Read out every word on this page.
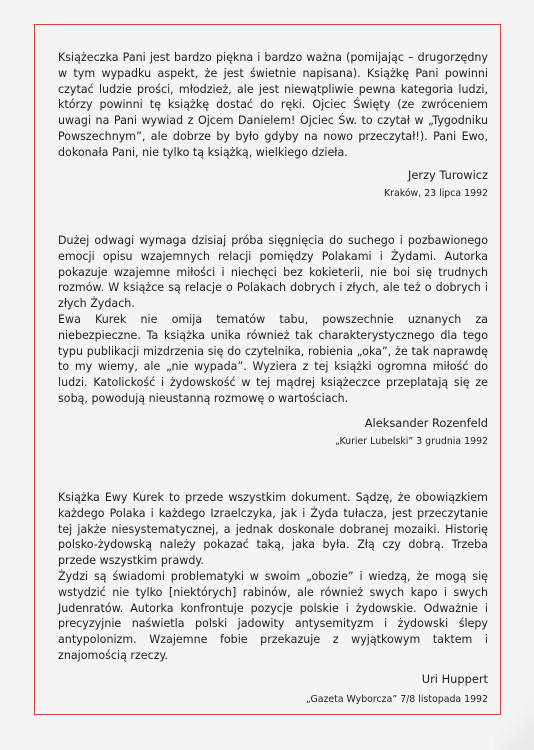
Książeczka Pani jest bardzo piękna i bardzo ważna (pomijając – drugorzędny w tym wypadku aspekt, że jest świetnie napisana). Książkę Pani powinni czytać ludzie prości, młodzież, ale jest niewątpliwie pewna kategoria ludzi, którzy powinni tę książkę dostać do ręki. Ojciec Święty (ze zwróceniem uwagi na Pani wywiad z Ojcem Danielem! Ojciec Św. to czytał w „Tygodniku Powszechnym”, ale dobrze by było gdyby na nowo przeczytał!). Pani Ewo, dokonała Pani, nie tylko tą książką, wielkiego dzieła.

Jerzy Turowicz

Kraków, 23 lipca 1992

Dużej odwagi wymaga dzisiaj próba sięgnięcia do suchego i pozbawionego emocji opisu wzajemnych relacji pomiędzy Polakami i Żydami. Autorka pokazuje wzajemne miłości i niechęci bez kokieterii, nie boi się trudnych rozmów. W książce są relacje o Polakach dobrych i złych, ale też o dobrych i złych Żydach.

Ewa Kurek nie omija tematów tabu, powszechnie uznanych za niebezpieczne. Ta książka unika również tak charakterystycznego dla tego typu publikacji mizdrzenia się do czytelnika, robienia „oka”, że tak naprawdę to my wiemy, ale „nie wypada”. Wyziera z tej książki ogromna miłość do ludzi. Katolickość i żydowskość w tej mądrej książeczce przeplatają się ze sobą, powodują nieustanną rozmowę o wartościach.

Aleksander Rozenfeld

„Kurier Lubelski” 3 grudnia 1992

Książka Ewy Kurek to przede wszystkim dokument. Sądzę, że obowiązkiem każdego Polaka i każdego Izraelczyka, jak i Żyda tułacza, jest przeczytanie tej jakże niesystematycznej, a jednak doskonale dobranej mozaiki. Historię polsko-żydowską należy pokazać taką, jaka była. Złą czy dobrą. Trzeba przede wszystkim prawdy.

Żydzi są świadomi problematyki w swoim „obozie” i wiedzą, że mogą się wstydzić nie tylko [niektórych] rabinów, ale również swych kapo i swych Judenratów. Autorka konfrontuje pozycje polskie i żydowskie. Odważnie i precyzyjnie naświetla polski jadowity antysemityzm i żydowski ślepy antypolonizm. Wzajemne fobie przekazuje z wyjątkowym taktem i znajomością rzeczy.

Uri Huppert

„Gazeta Wyborcza” 7/8 listopada 1992
